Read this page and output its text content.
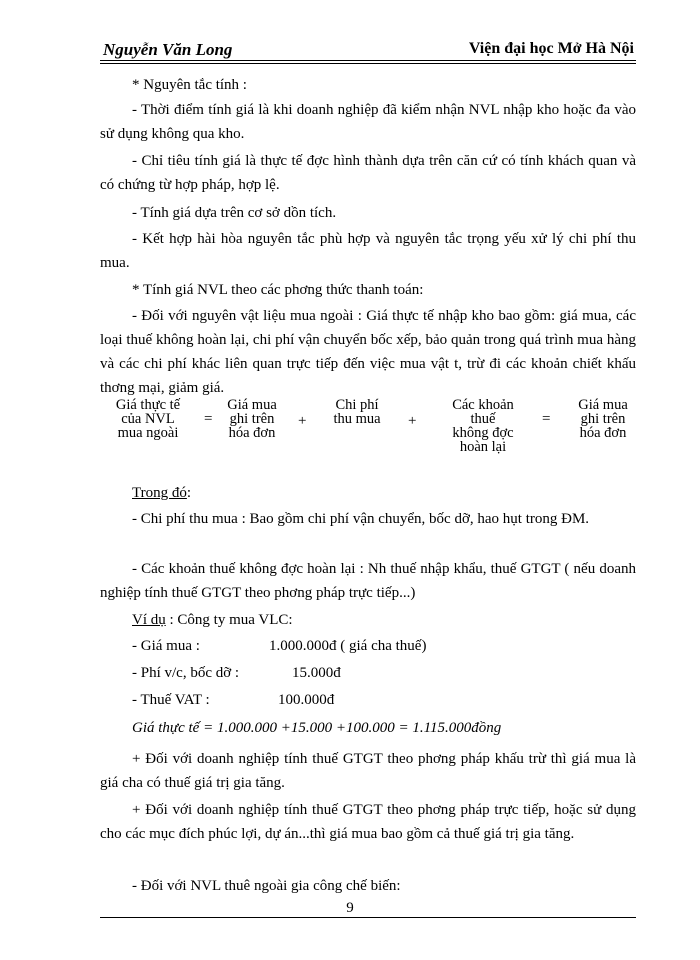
Nguyễn Văn Long	Viện đại học Mở Hà Nội
* Nguyên tắc tính :
- Thời điểm tính giá là khi doanh nghiệp đã kiểm nhận NVL nhập kho hoặc đa vào sử dụng không qua kho.
- Chỉ tiêu tính giá là thực tế đợc hình thành dựa trên căn cứ có tính khách quan và có chứng từ hợp pháp, hợp lệ.
- Tính giá dựa trên cơ sở dồn tích.
- Kết hợp hài hòa nguyên tắc phù hợp và nguyên tắc trọng yếu xử lý chi phí thu mua.
* Tính giá NVL theo các phơng thức thanh toán:
- Đối với nguyên vật liệu mua ngoài : Giá thực tế nhập kho bao gồm: giá mua, các loại thuế không hoàn lại, chi phí vận chuyển bốc xếp, bảo quản trong quá trình mua hàng và các chi phí khác liên quan trực tiếp đến việc mua vật t, trừ đi các khoản chiết khấu thơng mại, giảm giá.
Giá thực tế
của NVL
mua ngoài
=
Giá mua
ghi trên
hóa đơn
+
Chi phí
thu mua	+
Các khoản
thuế
không đợc
hoàn lại
=
Giá mua
ghi trên
hóa đơn
Trong đó:
- Chi phí thu mua : Bao gồm chi phí vận chuyển, bốc dỡ, hao hụt trong ĐM.
- Các khoản thuế không đợc hoàn lại : Nh thuế nhập khẩu, thuế GTGT ( nếu doanh nghiệp tính thuế GTGT theo phơng pháp trực tiếp...)
Ví dụ : Công ty mua VLC:
- Giá mua :	1.000.000đ ( giá cha thuế)
- Phí v/c, bốc dỡ :	15.000đ
- Thuế VAT :	100.000đ
Giá thực tế = 1.000.000 +15.000 +100.000 = 1.115.000đồng
+ Đối với doanh nghiệp tính thuế GTGT theo phơng pháp khấu trừ thì giá mua là giá cha có thuế giá trị gia tăng.
+ Đối với doanh nghiệp tính thuế GTGT theo phơng pháp trực tiếp, hoặc sử dụng cho các mục đích phúc lợi, dự án...thì giá mua bao gồm cả thuế giá trị gia tăng.
- Đối với NVL thuê ngoài gia công chế biến:
9
